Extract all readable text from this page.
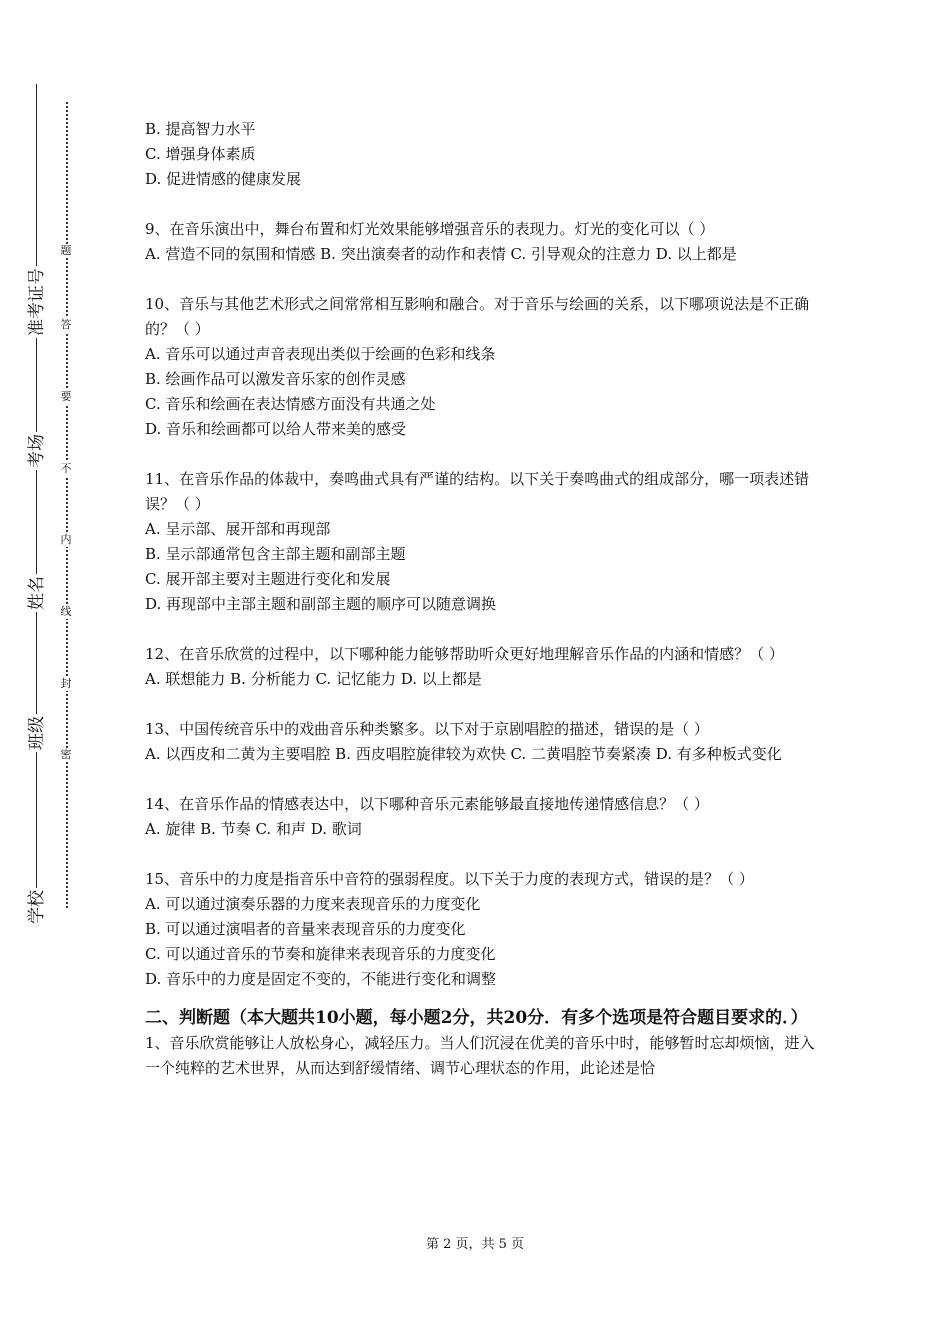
准考证号
考场
姓名
班级
学校
题
答
要
不
内
线
封
密

B. 提高智力水平

C. 增强身体素质

D. 促进情感的健康发展

9、在音乐演出中，舞台布置和灯光效果能够增强音乐的表现力。灯光的变化可以（ ）

A. 营造不同的氛围和情感 B. 突出演奏者的动作和表情 C. 引导观众的注意力 D. 以上都是

10、音乐与其他艺术形式之间常常相互影响和融合。对于音乐与绘画的关系，以下哪项说法是不正确的？（ ）

A. 音乐可以通过声音表现出类似于绘画的色彩和线条

B. 绘画作品可以激发音乐家的创作灵感

C. 音乐和绘画在表达情感方面没有共通之处

D. 音乐和绘画都可以给人带来美的感受

11、在音乐作品的体裁中，奏鸣曲式具有严谨的结构。以下关于奏鸣曲式的组成部分，哪一项表述错误？（ ）

A. 呈示部、展开部和再现部

B. 呈示部通常包含主部主题和副部主题

C. 展开部主要对主题进行变化和发展

D. 再现部中主部主题和副部主题的顺序可以随意调换

12、在音乐欣赏的过程中，以下哪种能力能够帮助听众更好地理解音乐作品的内涵和情感？（ ）

A. 联想能力 B. 分析能力 C. 记忆能力 D. 以上都是

13、中国传统音乐中的戏曲音乐种类繁多。以下对于京剧唱腔的描述，错误的是（ ）

A. 以西皮和二黄为主要唱腔 B. 西皮唱腔旋律较为欢快 C. 二黄唱腔节奏紧凑 D. 有多种板式变化

14、在音乐作品的情感表达中，以下哪种音乐元素能够最直接地传递情感信息？（ ）

A. 旋律 B. 节奏 C. 和声 D. 歌词

15、音乐中的力度是指音乐中音符的强弱程度。以下关于力度的表现方式，错误的是？（ ）

A. 可以通过演奏乐器的力度来表现音乐的力度变化

B. 可以通过演唱者的音量来表现音乐的力度变化

C. 可以通过音乐的节奏和旋律来表现音乐的力度变化

D. 音乐中的力度是固定不变的，不能进行变化和调整

二、判断题（本大题共10小题，每小题2分，共20分．有多个选项是符合题目要求的．）

1、音乐欣赏能够让人放松身心，减轻压力。当人们沉浸在优美的音乐中时，能够暂时忘却烦恼，进入一个纯粹的艺术世界，从而达到舒缓情绪、调节心理状态的作用，此论述是恰

第 2 页，共 5 页
